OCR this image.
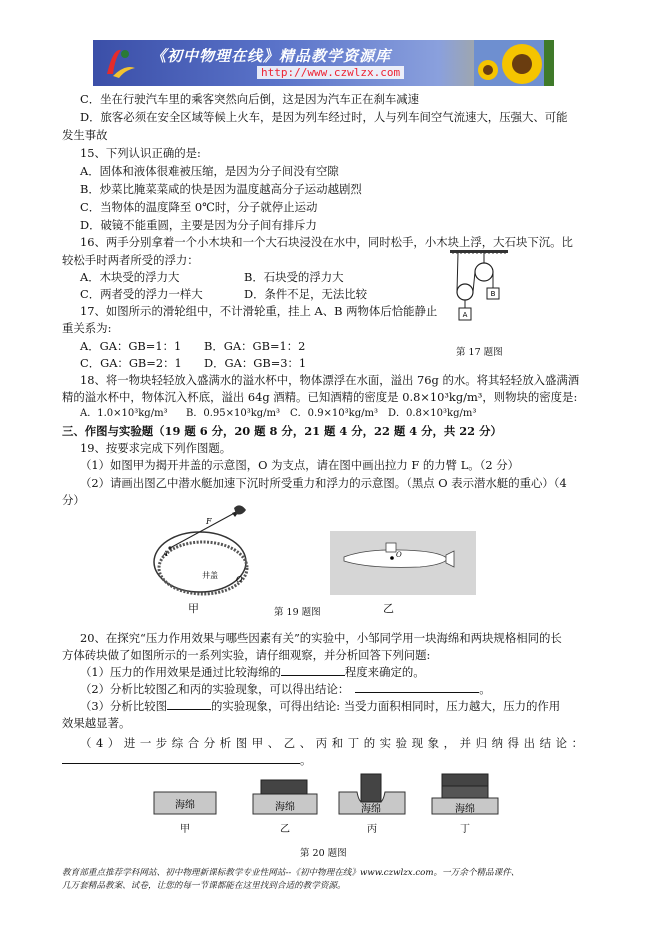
《初中物理在线》精品教学资源库
http://www.czwlzx.com
C．坐在行驶汽车里的乘客突然向后倒，这是因为汽车正在刹车减速
D．旅客必须在安全区域等候上火车，是因为列车经过时，人与列车间空气流速大，压强大、可能
发生事故
15、下列认识正确的是:
A．固体和液体很难被压缩，是因为分子间没有空隙
B．炒菜比腌菜菜咸的快是因为温度越高分子运动越剧烈
C．当物体的温度降至 0℃时，分子就停止运动
D．破镜不能重圆，主要是因为分子间有排斥力
16、两手分别拿着一个小木块和一个大石块浸没在水中，同时松手，小木块上浮，大石块下沉。比
较松手时两者所受的浮力：
A．木块受的浮力大	B．石块受的浮力大
C．两者受的浮力一样大	D．条件不足，无法比较
17、如图所示的滑轮组中，不计滑轮重，挂上 A、B 两物体后恰能静止
重关系为:
A．GA：GB=1：1 B．GA：GB=1：2
C．GA：GB=2：1 D．GA：GB=3：1
A
B
第 17 题图
18、将一物块轻轻放入盛满水的溢水杯中，物体漂浮在水面，溢出 76g 的水。将其轻轻放入盛满酒
精的溢水杯中，物体沉入杯底，溢出 64g 酒精。已知酒精的密度是 0.8×10³kg/m³，则物块的密度是:
A．1.0×10³kg/m³ B．0.95×10³kg/m³ C．0.9×10³kg/m³ D．0.8×10³kg/m³
三、作图与实验题（19 题 6 分，20 题 8 分，21 题 4 分，22 题 4 分，共 22 分）
19、按要求完成下列作图题。
（1）如图甲为揭开井盖的示意图，O 为支点，请在图中画出拉力 F 的力臂 L。（2 分）
（2）请画出图乙中潜水艇加速下沉时所受重力和浮力的示意图。（黑点 O 表示潜水艇的重心）（4
分）
F
A
井盖 O
甲
O
第 19 题图	乙
20、在探究“压力作用效果与哪些因素有关”的实验中，小邹同学用一块海绵和两块规格相同的长
方体砖块做了如图所示的一系列实验，请仔细观察，并分析回答下列问题:
（1）压力的作用效果是通过比较海绵的	程度来确定的。
（2）分析比较图乙和丙的实验现象，可以得出结论：	。
（3）分析比较图	的实验现象，可得出结论: 当受力面积相同时，压力越大，压力的作用
效果越显著。
（4）进一步综合分析图甲、乙、丙和丁的实验现象，并归纳得出结论：
。
海绵	海绵	海绵	海绵
甲	乙	丙	丁
第 20 题图
教育部重点推荐学科网站、初中物理新课标教学专业性网站--《初中物理在线》www.czwlzx.com。一万余个精品课件、
几万套精品教案、试卷，让您的每一节课都能在这里找到合适的教学资源。
